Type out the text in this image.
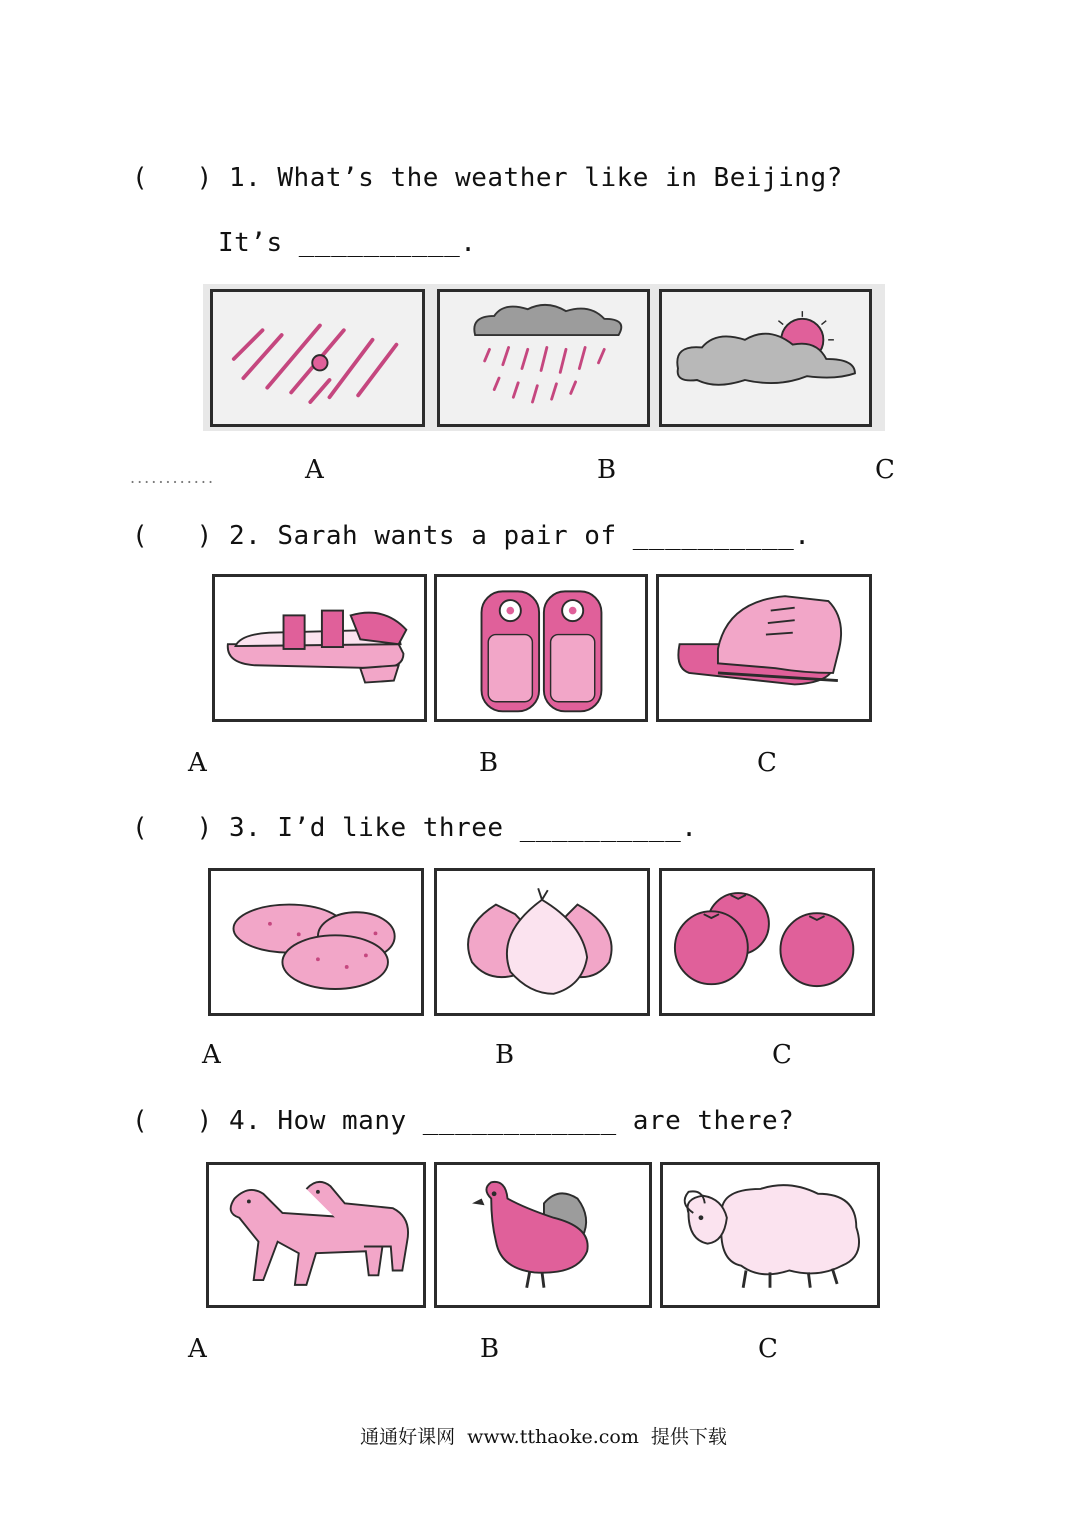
(   ) 1. What’s the weather like in Beijing?
It’s __________.
............	A	B	C
(   ) 2. Sarah wants a pair of __________.
A	B	C
(   ) 3. I’d like three __________.
A	B	C
(   ) 4. How many ____________ are there?
A	B	C
通通好课网 www.tthaoke.com 提供下载
